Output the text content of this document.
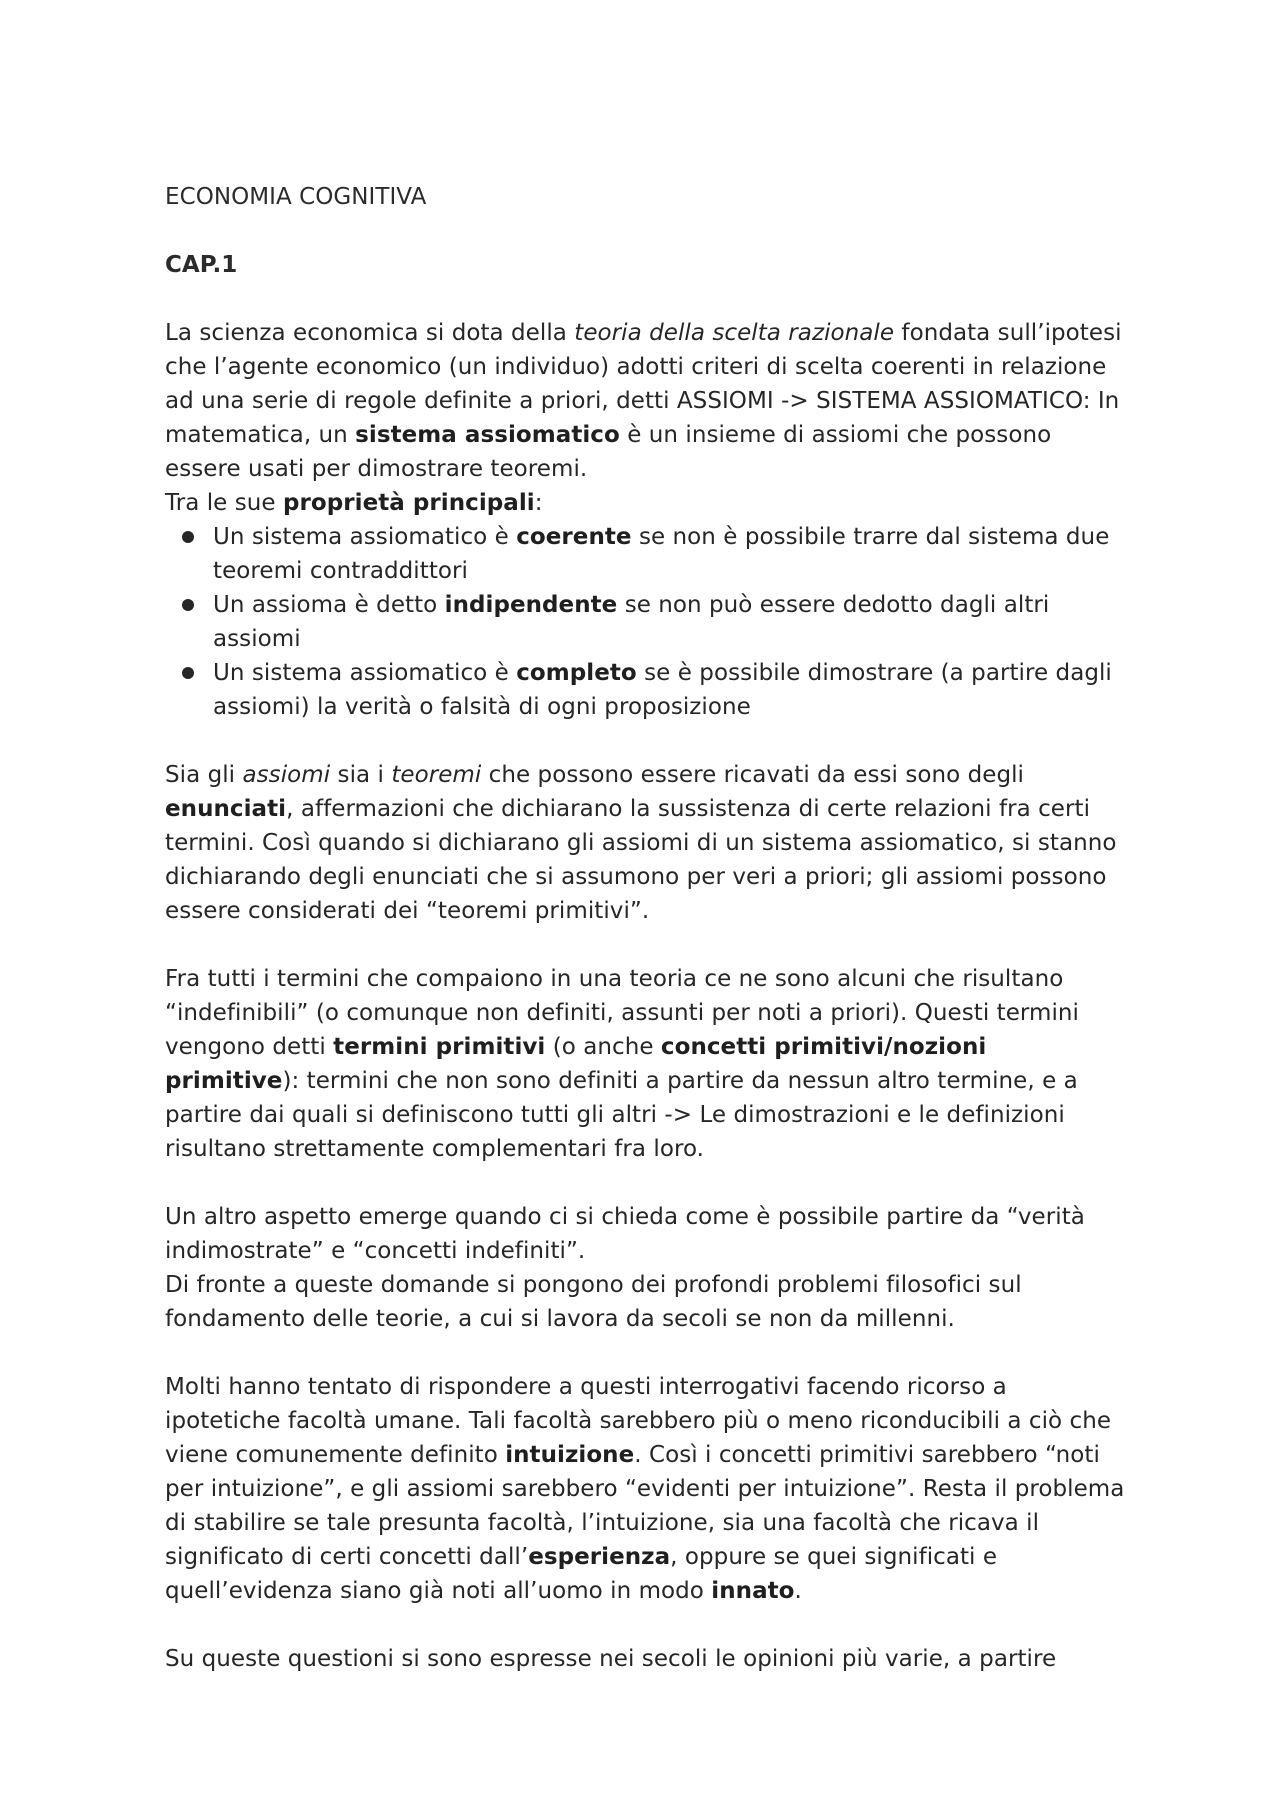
ECONOMIA COGNITIVA

CAP.1

La scienza economica si dota della teoria della scelta razionale fondata sull’ipotesi che l’agente economico (un individuo) adotti criteri di scelta coerenti in relazione ad una serie di regole definite a priori, detti ASSIOMI -> SISTEMA ASSIOMATICO: In matematica, un sistema assiomatico è un insieme di assiomi che possono essere usati per dimostrare teoremi.

Tra le sue proprietà principali:

Un sistema assiomatico è coerente se non è possibile trarre dal sistema due teoremi contraddittori
Un assioma è detto indipendente se non può essere dedotto dagli altri assiomi
Un sistema assiomatico è completo se è possibile dimostrare (a partire dagli assiomi) la verità o falsità di ogni proposizione

Sia gli assiomi sia i teoremi che possono essere ricavati da essi sono degli enunciati, affermazioni che dichiarano la sussistenza di certe relazioni fra certi termini. Così quando si dichiarano gli assiomi di un sistema assiomatico, si stanno dichiarando degli enunciati che si assumono per veri a priori; gli assiomi possono essere considerati dei “teoremi primitivi”.

Fra tutti i termini che compaiono in una teoria ce ne sono alcuni che risultano “indefinibili” (o comunque non definiti, assunti per noti a priori). Questi termini vengono detti termini primitivi (o anche concetti primitivi/nozioni primitive): termini che non sono definiti a partire da nessun altro termine, e a partire dai quali si definiscono tutti gli altri -> Le dimostrazioni e le definizioni risultano strettamente complementari fra loro.

Un altro aspetto emerge quando ci si chieda come è possibile partire da “verità indimostrate” e “concetti indefiniti”.

Di fronte a queste domande si pongono dei profondi problemi filosofici sul fondamento delle teorie, a cui si lavora da secoli se non da millenni.

Molti hanno tentato di rispondere a questi interrogativi facendo ricorso a ipotetiche facoltà umane. Tali facoltà sarebbero più o meno riconducibili a ciò che viene comunemente definito intuizione. Così i concetti primitivi sarebbero “noti per intuizione”, e gli assiomi sarebbero “evidenti per intuizione”. Resta il problema di stabilire se tale presunta facoltà, l’intuizione, sia una facoltà che ricava il significato di certi concetti dall’esperienza, oppure se quei significati e quell’evidenza siano già noti all’uomo in modo innato.

Su queste questioni si sono espresse nei secoli le opinioni più varie, a partire
